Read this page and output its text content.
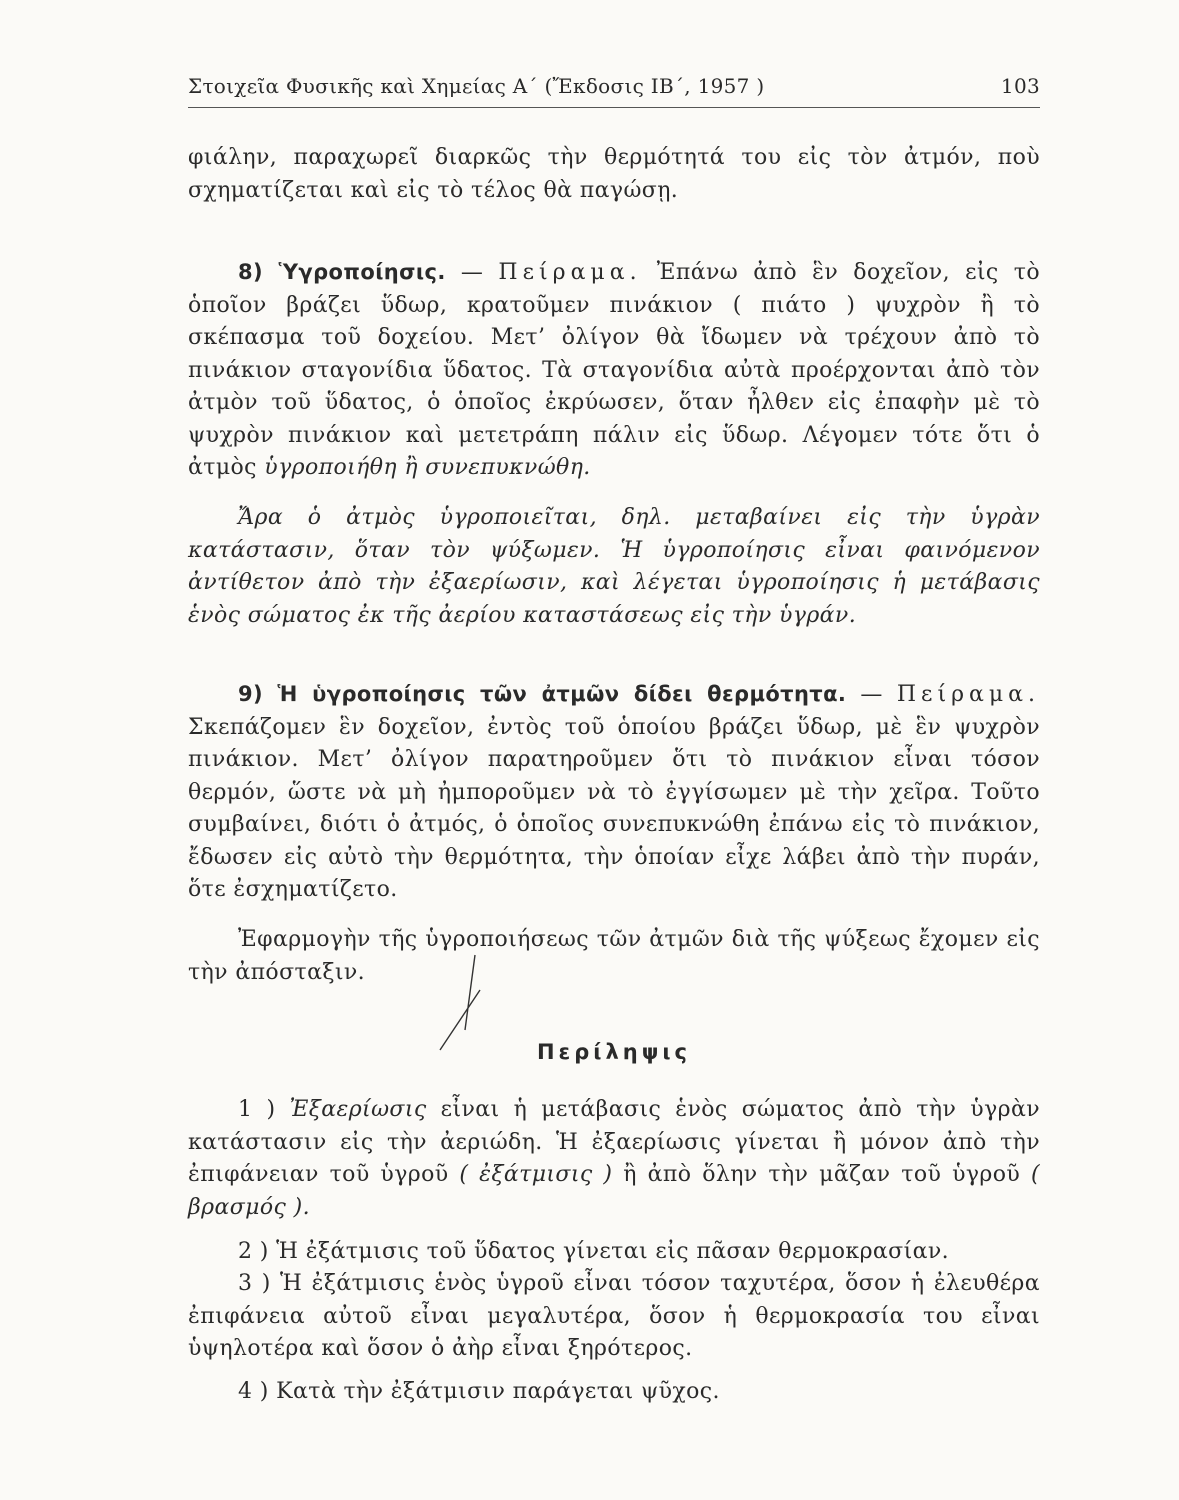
Στοιχεῖα Φυσικῆς καὶ Χημείας Α΄ (Ἔκδοσις ΙΒ΄, 1957 )	103

φιάλην, παραχωρεῖ διαρκῶς τὴν θερμότητά του εἰς τὸν ἀτμόν, ποὺ σχηματίζεται καὶ εἰς τὸ τέλος θὰ παγώσῃ.

8) Ὑγροποίησις. — Πείραμα. Ἐπάνω ἀπὸ ἓν δοχεῖον, εἰς τὸ ὁποῖον βράζει ὕδωρ, κρατοῦμεν πινάκιον ( πιάτο ) ψυχρὸν ἢ τὸ σκέπασμα τοῦ δοχείου. Μετ’ ὀλίγον θὰ ἴδωμεν νὰ τρέχουν ἀπὸ τὸ πινάκιον σταγονίδια ὕδατος. Τὰ σταγονίδια αὐτὰ προέρχονται ἀπὸ τὸν ἀτμὸν τοῦ ὕδατος, ὁ ὁποῖος ἐκρύωσεν, ὅταν ἦλθεν εἰς ἐπαφὴν μὲ τὸ ψυχρὸν πινάκιον καὶ μετετράπη πάλιν εἰς ὕδωρ. Λέγομεν τότε ὅτι ὁ ἀτμὸς ὑγροποιήθη ἢ συνεπυκνώθη.

Ἄρα ὁ ἀτμὸς ὑγροποιεῖται, δηλ. μεταβαίνει εἰς τὴν ὑγρὰν κατάστασιν, ὅταν τὸν ψύξωμεν. Ἡ ὑγροποίησις εἶναι φαινόμενον ἀντίθετον ἀπὸ τὴν ἐξαερίωσιν, καὶ λέγεται ὑγροποίησις ἡ μετάβασις ἑνὸς σώματος ἐκ τῆς ἀερίου καταστάσεως εἰς τὴν ὑγράν.

9) Ἡ ὑγροποίησις τῶν ἀτμῶν δίδει θερμότητα. — Πείραμα. Σκεπάζομεν ἓν δοχεῖον, ἐντὸς τοῦ ὁποίου βράζει ὕδωρ, μὲ ἓν ψυχρὸν πινάκιον. Μετ’ ὀλίγον παρατηροῦμεν ὅτι τὸ πινάκιον εἶναι τόσον θερμόν, ὥστε νὰ μὴ ἠμποροῦμεν νὰ τὸ ἐγγίσωμεν μὲ τὴν χεῖρα. Τοῦτο συμβαίνει, διότι ὁ ἀτμός, ὁ ὁποῖος συνεπυκνώθη ἐπάνω εἰς τὸ πινάκιον, ἔδωσεν εἰς αὐτὸ τὴν θερμότητα, τὴν ὁποίαν εἶχε λάβει ἀπὸ τὴν πυράν, ὅτε ἐσχηματίζετο.

Ἐφαρμογὴν τῆς ὑγροποιήσεως τῶν ἀτμῶν διὰ τῆς ψύξεως ἔχομεν εἰς τὴν ἀπόσταξιν.

Περίληψις

1 ) Ἐξαερίωσις εἶναι ἡ μετάβασις ἑνὸς σώματος ἀπὸ τὴν ὑγρὰν κατάστασιν εἰς τὴν ἀεριώδη. Ἡ ἐξαερίωσις γίνεται ἢ μόνον ἀπὸ τὴν ἐπιφάνειαν τοῦ ὑγροῦ ( ἐξάτμισις ) ἢ ἀπὸ ὅλην τὴν μᾶζαν τοῦ ὑγροῦ ( βρασμός ).

2 ) Ἡ ἐξάτμισις τοῦ ὕδατος γίνεται εἰς πᾶσαν θερμοκρασίαν.

3 ) Ἡ ἐξάτμισις ἑνὸς ὑγροῦ εἶναι τόσον ταχυτέρα, ὅσον ἡ ἐλευθέρα ἐπιφάνεια αὐτοῦ εἶναι μεγαλυτέρα, ὅσον ἡ θερμοκρασία του εἶναι ὑψηλοτέρα καὶ ὅσον ὁ ἀὴρ εἶναι ξηρότερος.

4 ) Κατὰ τὴν ἐξάτμισιν παράγεται ψῦχος.
